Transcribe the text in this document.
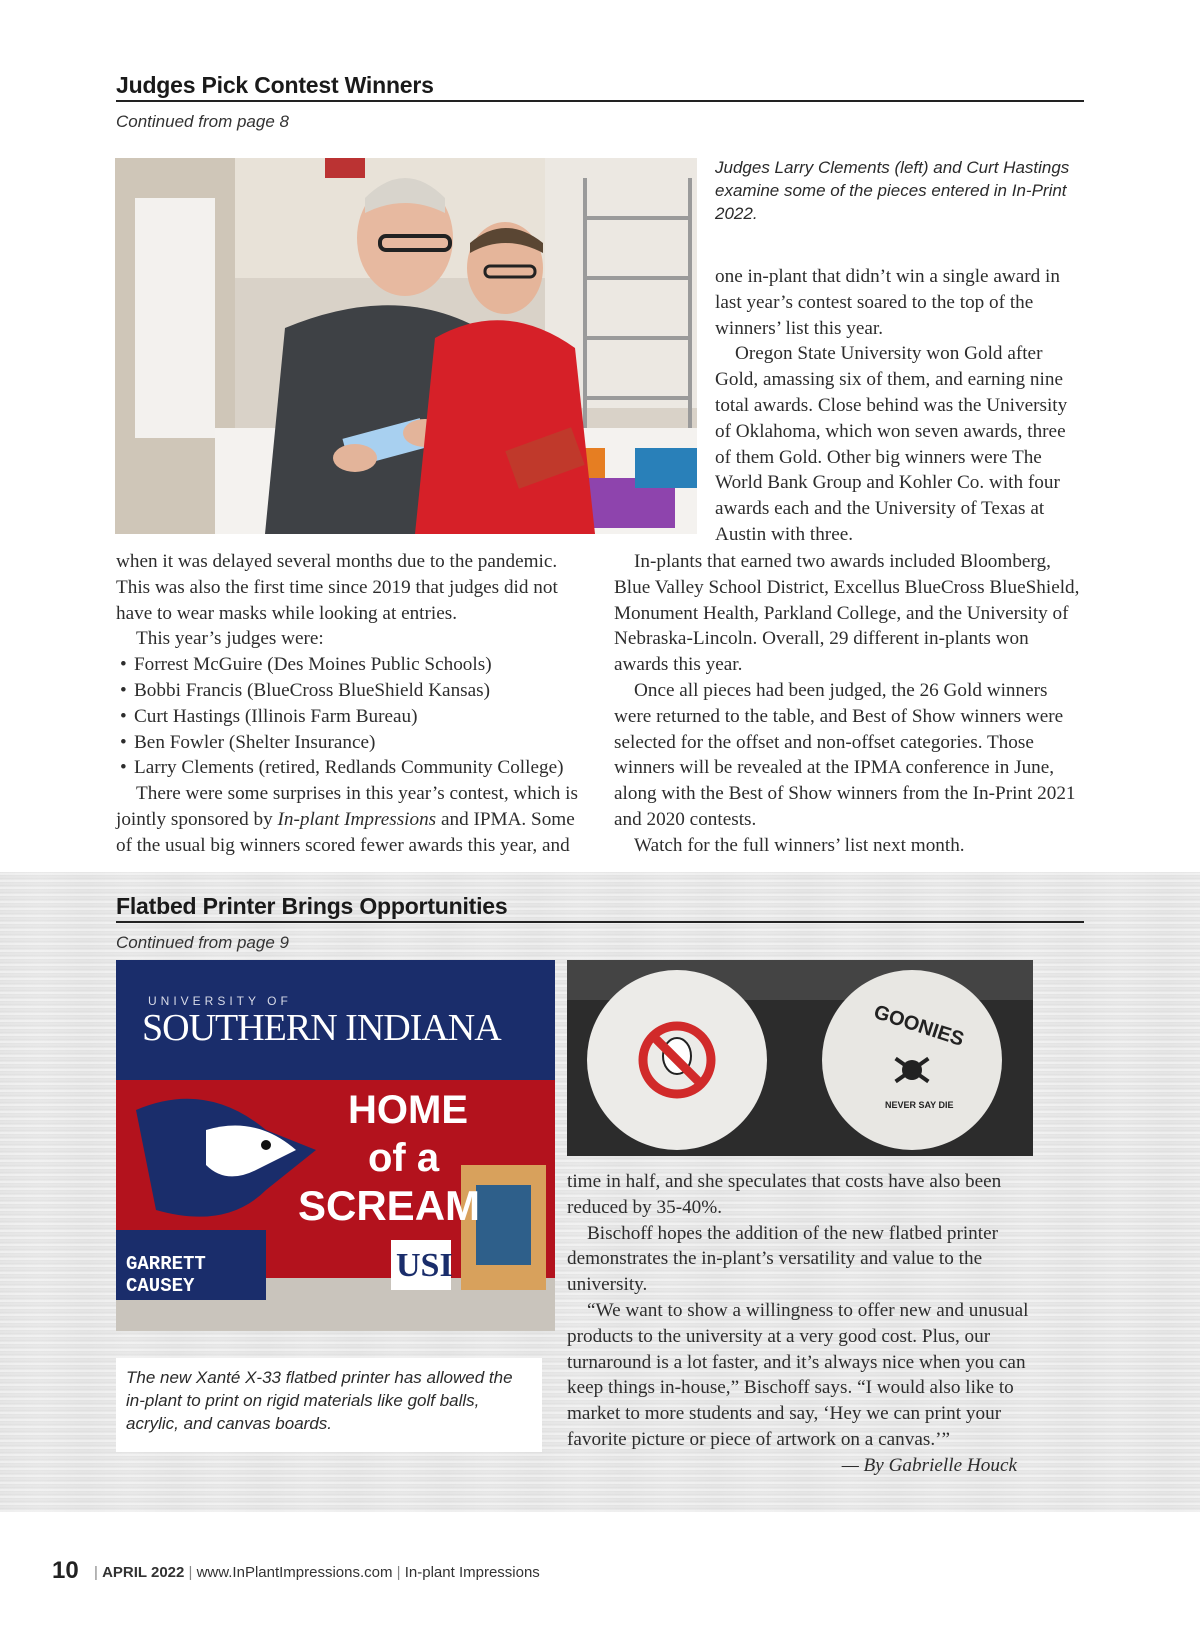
Judges Pick Contest Winners
Continued from page 8
Judges Larry Clements (left) and Curt Hastings examine some of the pieces entered in In-Print 2022.

one in-plant that didn’t win a single award in last year’s contest soared to the top of the winners’ list this year.

Oregon State University won Gold after Gold, amassing six of them, and earning nine total awards. Close behind was the University of Oklahoma, which won seven awards, three of them Gold. Other big winners were The World Bank Group and Kohler Co. with four awards each and the University of Texas at Austin with three.

when it was delayed several months due to the pandemic. This was also the first time since 2019 that judges did not have to wear masks while looking at entries.

This year’s judges were:

• Forrest McGuire (Des Moines Public Schools)
• Bobbi Francis (BlueCross BlueShield Kansas)
• Curt Hastings (Illinois Farm Bureau)
• Ben Fowler (Shelter Insurance)
• Larry Clements (retired, Redlands Community College)

There were some surprises in this year’s contest, which is jointly sponsored by In-plant Impressions and IPMA. Some of the usual big winners scored fewer awards this year, and

In-plants that earned two awards included Bloomberg, Blue Valley School District, Excellus BlueCross BlueShield, Monument Health, Parkland College, and the University of Nebraska-Lincoln. Overall, 29 different in-plants won awards this year.

Once all pieces had been judged, the 26 Gold winners were returned to the table, and Best of Show winners were selected for the offset and non-offset categories. Those winners will be revealed at the IPMA conference in June, along with the Best of Show winners from the In-Print 2021 and 2020 contests.

Watch for the full winners’ list next month.

Flatbed Printer Brings Opportunities
Continued from page 9
UNIVERSITY OF
SOUTHERN INDIANA
HOME
of a
SCREAM
GARRETT
CAUSEY
USI
GOONIES
NEVER SAY DIE
The new Xanté X-33 flatbed printer has allowed the in-plant to print on rigid materials like golf balls, acrylic, and canvas boards.

time in half, and she speculates that costs have also been reduced by 35-40%.

Bischoff hopes the addition of the new flatbed printer demonstrates the in-plant’s versatility and value to the university.

“We want to show a willingness to offer new and unusual products to the university at a very good cost. Plus, our turnaround is a lot faster, and it’s always nice when you can keep things in-house,” Bischoff says. “I would also like to market to more students and say, ‘Hey we can print your favorite picture or piece of artwork on a canvas.’”

— By Gabrielle Houck
10 | APRIL 2022 | www.InPlantImpressions.com | In-plant Impressions
